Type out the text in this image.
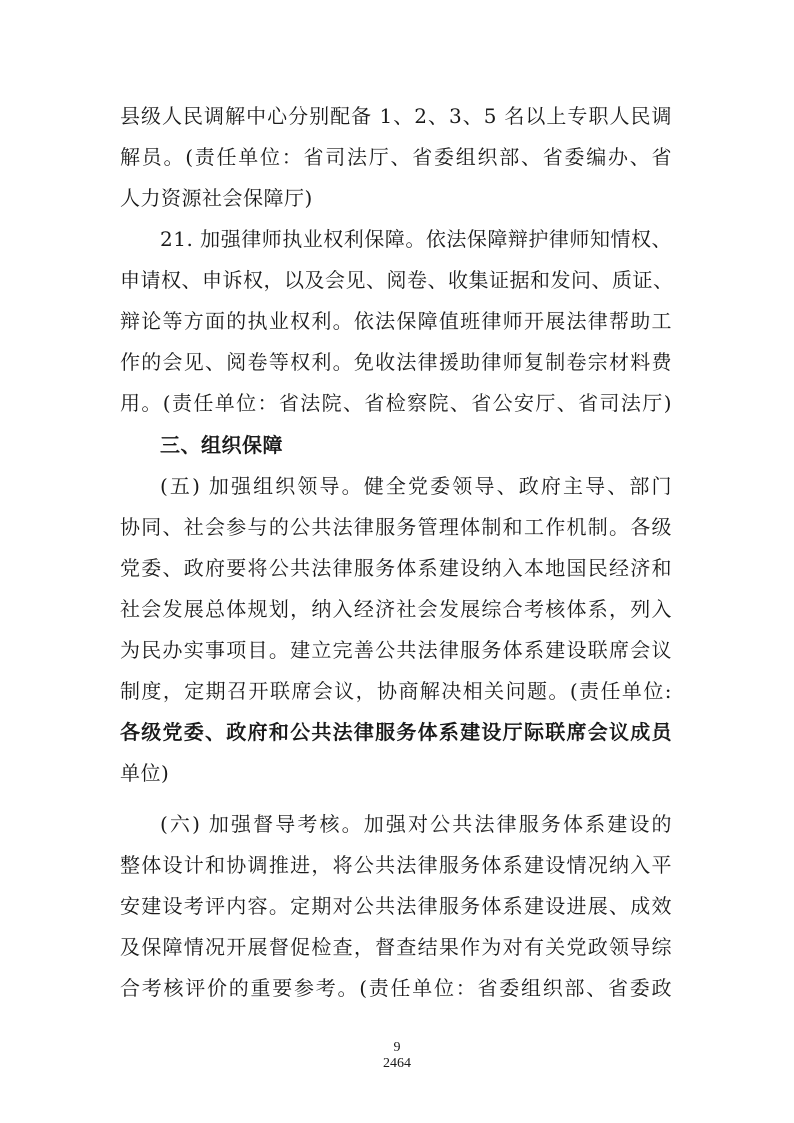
县级人民调解中心分别配备 1、2、3、5 名以上专职人民调
解员。(责任单位：省司法厅、省委组织部、省委编办、省
人力资源社会保障厅)
21. 加强律师执业权利保障。依法保障辩护律师知情权、
申请权、申诉权，以及会见、阅卷、收集证据和发问、质证、
辩论等方面的执业权利。依法保障值班律师开展法律帮助工
作的会见、阅卷等权利。免收法律援助律师复制卷宗材料费
用。(责任单位：省法院、省检察院、省公安厅、省司法厅)
三、组织保障
(五) 加强组织领导。健全党委领导、政府主导、部门
协同、社会参与的公共法律服务管理体制和工作机制。各级
党委、政府要将公共法律服务体系建设纳入本地国民经济和
社会发展总体规划，纳入经济社会发展综合考核体系，列入
为民办实事项目。建立完善公共法律服务体系建设联席会议
制度，定期召开联席会议，协商解决相关问题。(责任单位:
各级党委、政府和公共法律服务体系建设厅际联席会议成员
单位)
(六) 加强督导考核。加强对公共法律服务体系建设的
整体设计和协调推进，将公共法律服务体系建设情况纳入平
安建设考评内容。定期对公共法律服务体系建设进展、成效
及保障情况开展督促检查，督查结果作为对有关党政领导综
合考核评价的重要参考。(责任单位：省委组织部、省委政
9
2464
